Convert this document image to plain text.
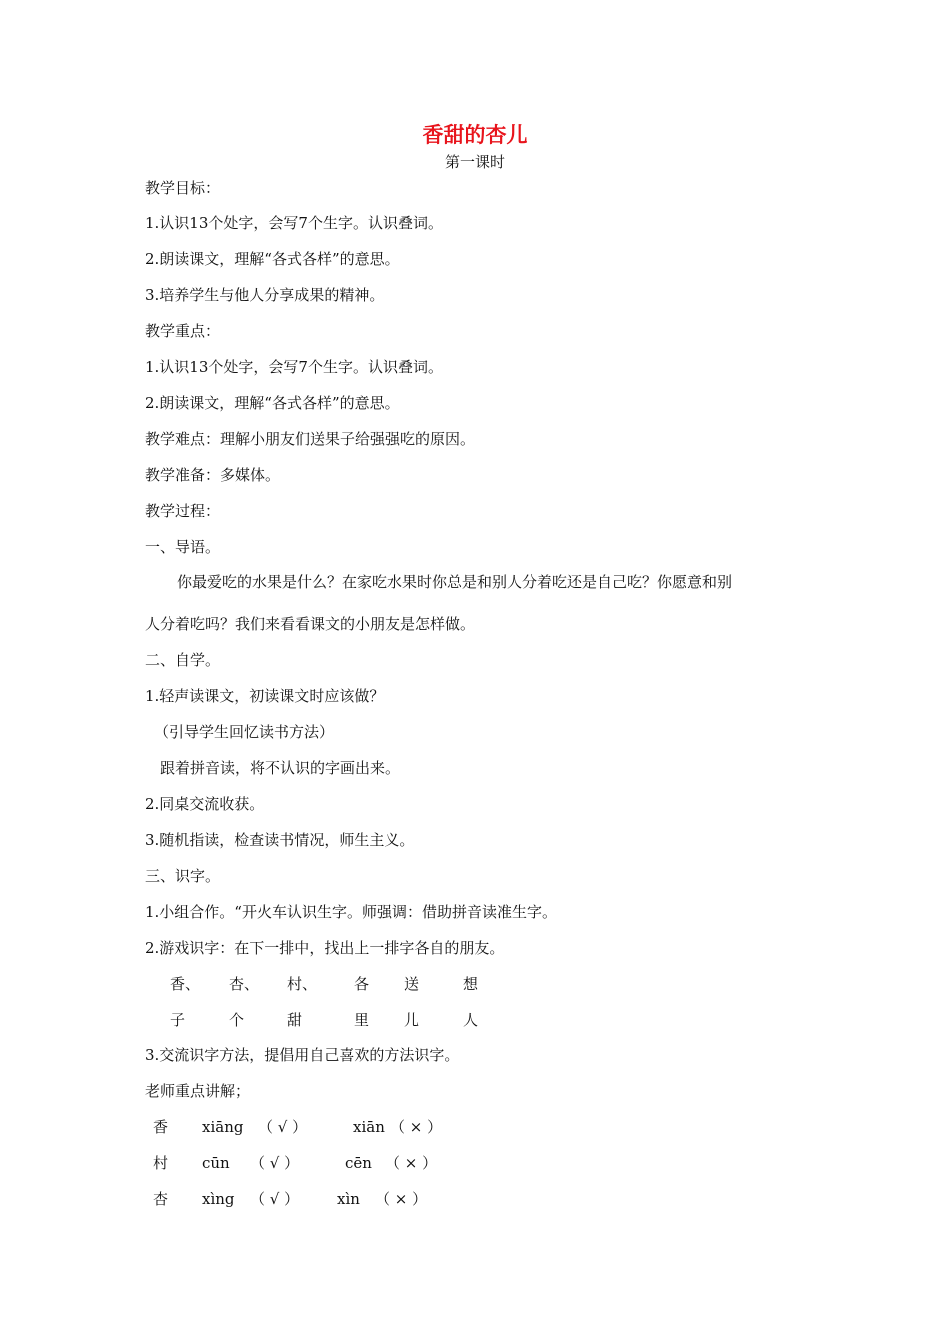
香甜的杏儿
第一课时
教学目标：
1.认识13个处字，会写7个生字。认识叠词。
2.朗读课文，理解“各式各样”的意思。
3.培养学生与他人分享成果的精神。
教学重点：
1.认识13个处字，会写7个生字。认识叠词。
2.朗读课文，理解“各式各样”的意思。
教学难点：理解小朋友们送果子给强强吃的原因。
教学准备：多媒体。
教学过程：
一、导语。
你最爱吃的水果是什么？在家吃水果时你总是和别人分着吃还是自己吃？你愿意和别
人分着吃吗？我们来看看课文的小朋友是怎样做。
二、自学。
1.轻声读课文，初读课文时应该做？
（引导学生回忆读书方法）
跟着拼音读，将不认识的字画出来。
2.同桌交流收获。
3.随机指读，检查读书情况，师生主义。
三、识字。
1.小组合作。“开火车认识生字。师强调：借助拼音读准生字。
2.游戏识字：在下一排中，找出上一排字各自的朋友。
香、 杏、 村、 各 送	想
子	个	甜	里 儿	人
3.交流识字方法，提倡用自己喜欢的方法识字。
老师重点讲解；
香 xiāng （ √ ）	xiān （ × ）
村 cūn （ √ ）	cēn （ × ）
杏 xìng （ √ ）	xìn （ × ）
